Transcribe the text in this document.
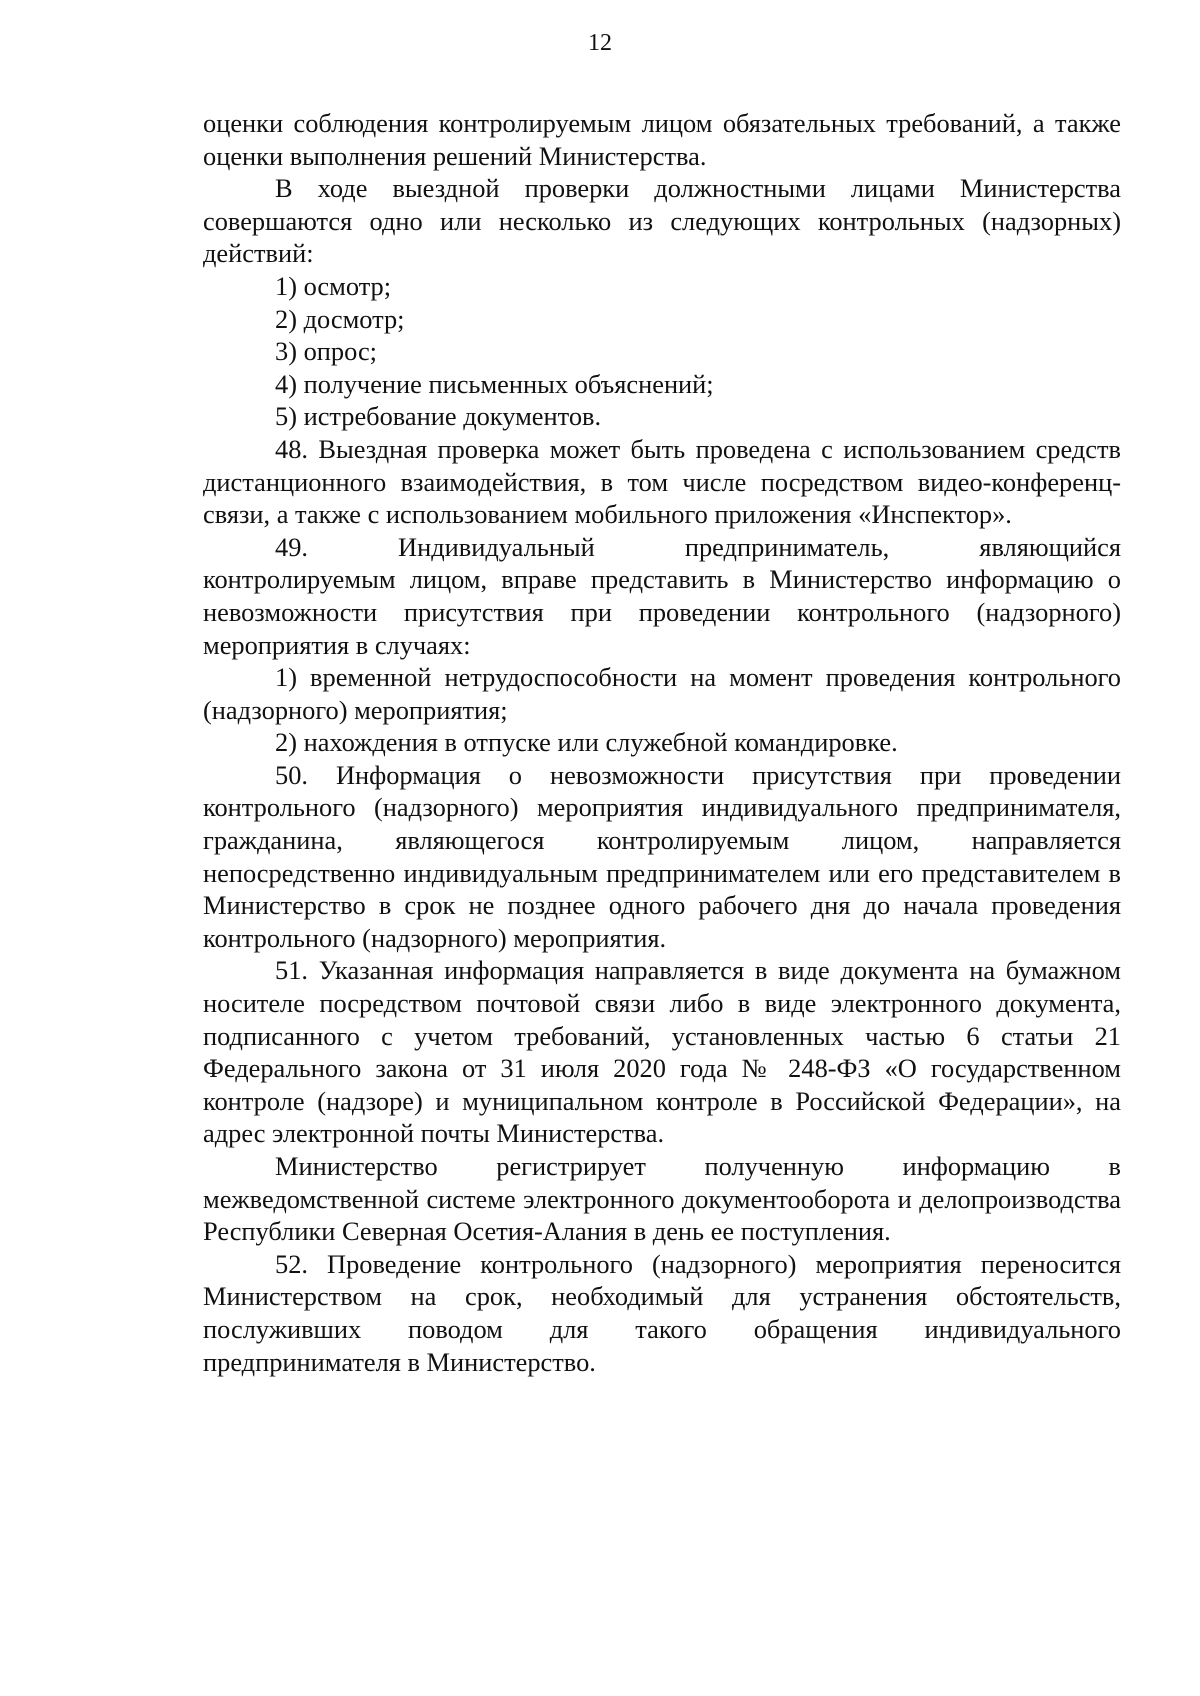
12

оценки соблюдения контролируемым лицом обязательных требований, а также оценки выполнения решений Министерства.

В ходе выездной проверки должностными лицами Министерства совершаются одно или несколько из следующих контрольных (надзорных) действий:

1) осмотр;

2) досмотр;

3) опрос;

4) получение письменных объяснений;

5) истребование документов.

48. Выездная проверка может быть проведена с использованием средств дистанционного взаимодействия, в том числе посредством видео-конференц-связи, а также с использованием мобильного приложения «Инспектор».

49. Индивидуальный предприниматель, являющийся

контролируемым лицом, вправе представить в Министерство информацию о невозможности присутствия при проведении контрольного (надзорного) мероприятия в случаях:

1) временной нетрудоспособности на момент проведения контрольного (надзорного) мероприятия;

2) нахождения в отпуске или служебной командировке.

50. Информация о невозможности присутствия при проведении контрольного (надзорного) мероприятия индивидуального предпринимателя, гражданина, являющегося контролируемым лицом, направляется непосредственно индивидуальным предпринимателем или его представителем в Министерство в срок не позднее одного рабочего дня до начала проведения контрольного (надзорного) мероприятия.

51. Указанная информация направляется в виде документа на бумажном носителе посредством почтовой связи либо в виде электронного документа, подписанного с учетом требований, установленных частью 6 статьи 21 Федерального закона от 31 июля 2020 года № 248-ФЗ «О государственном контроле (надзоре) и муниципальном контроле в Российской Федерации», на адрес электронной почты Министерства.

Министерство регистрирует полученную информацию в межведомственной системе электронного документооборота и делопроизводства Республики Северная Осетия-Алания в день ее поступления.

52. Проведение контрольного (надзорного) мероприятия переносится Министерством на срок, необходимый для устранения обстоятельств, послуживших поводом для такого обращения индивидуального предпринимателя в Министерство.
